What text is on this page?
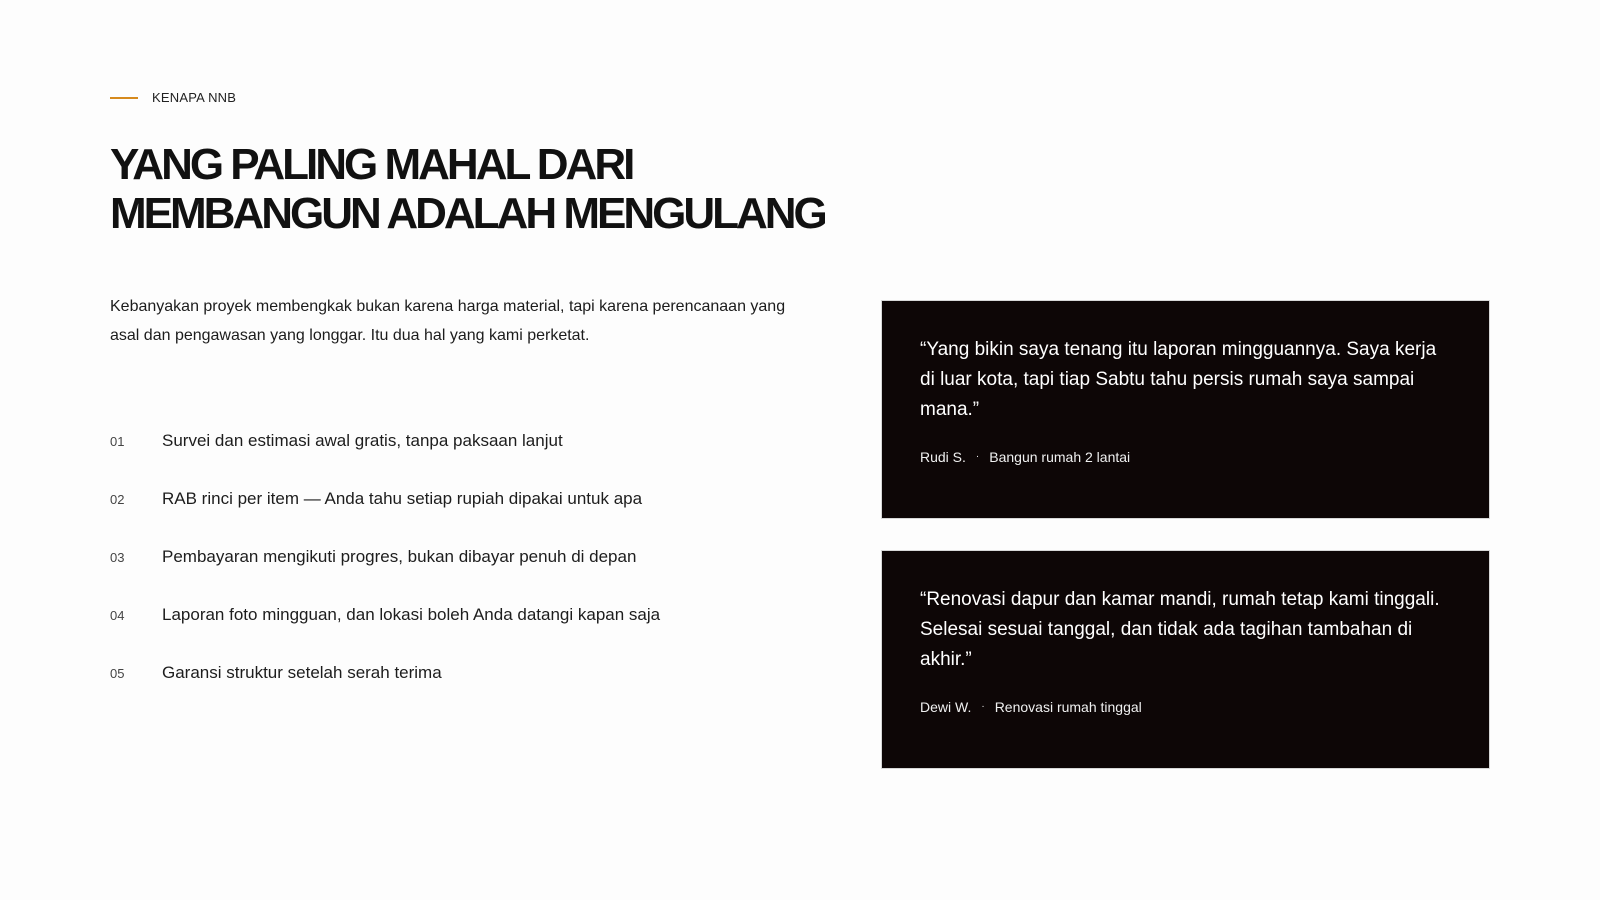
KENAPA NNB
YANG PALING MAHAL DARI
MEMBANGUN ADALAH MENGULANG

Kebanyakan proyek membengkak bukan karena harga material, tapi karena perencanaan yang asal dan pengawasan yang longgar. Itu dua hal yang kami perketat.

01	Survei dan estimasi awal gratis, tanpa paksaan lanjut
02	RAB rinci per item — Anda tahu setiap rupiah dipakai untuk apa
03	Pembayaran mengikuti progres, bukan dibayar penuh di depan
04	Laporan foto mingguan, dan lokasi boleh Anda datangi kapan saja
05	Garansi struktur setelah serah terima

“Yang bikin saya tenang itu laporan mingguannya. Saya kerja di luar kota, tapi tiap Sabtu tahu persis rumah saya sampai mana.”

Rudi S. · Bangun rumah 2 lantai

“Renovasi dapur dan kamar mandi, rumah tetap kami tinggali. Selesai sesuai tanggal, dan tidak ada tagihan tambahan di akhir.”

Dewi W. · Renovasi rumah tinggal
